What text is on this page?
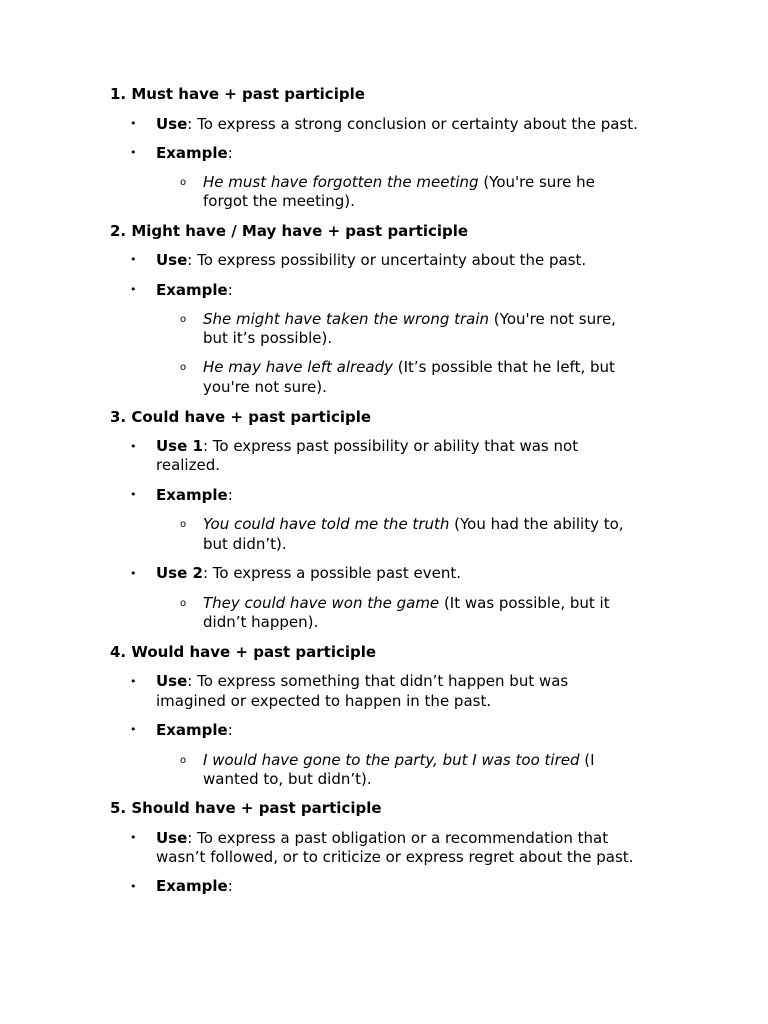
1. Must have + past participle
• Use: To express a strong conclusion or certainty about the past.
• Example:
o He must have forgotten the meeting (You're sure he
forgot the meeting).
2. Might have / May have + past participle
• Use: To express possibility or uncertainty about the past.
• Example:
o She might have taken the wrong train (You're not sure,
but it’s possible).
o He may have left already (It’s possible that he left, but
you're not sure).
3. Could have + past participle
• Use 1: To express past possibility or ability that was not
realized.
• Example:
o You could have told me the truth (You had the ability to,
but didn’t).
• Use 2: To express a possible past event.
o They could have won the game (It was possible, but it
didn’t happen).
4. Would have + past participle
• Use: To express something that didn’t happen but was
imagined or expected to happen in the past.
• Example:
o I would have gone to the party, but I was too tired (I
wanted to, but didn’t).
5. Should have + past participle
• Use: To express a past obligation or a recommendation that
wasn’t followed, or to criticize or express regret about the past.
• Example:
